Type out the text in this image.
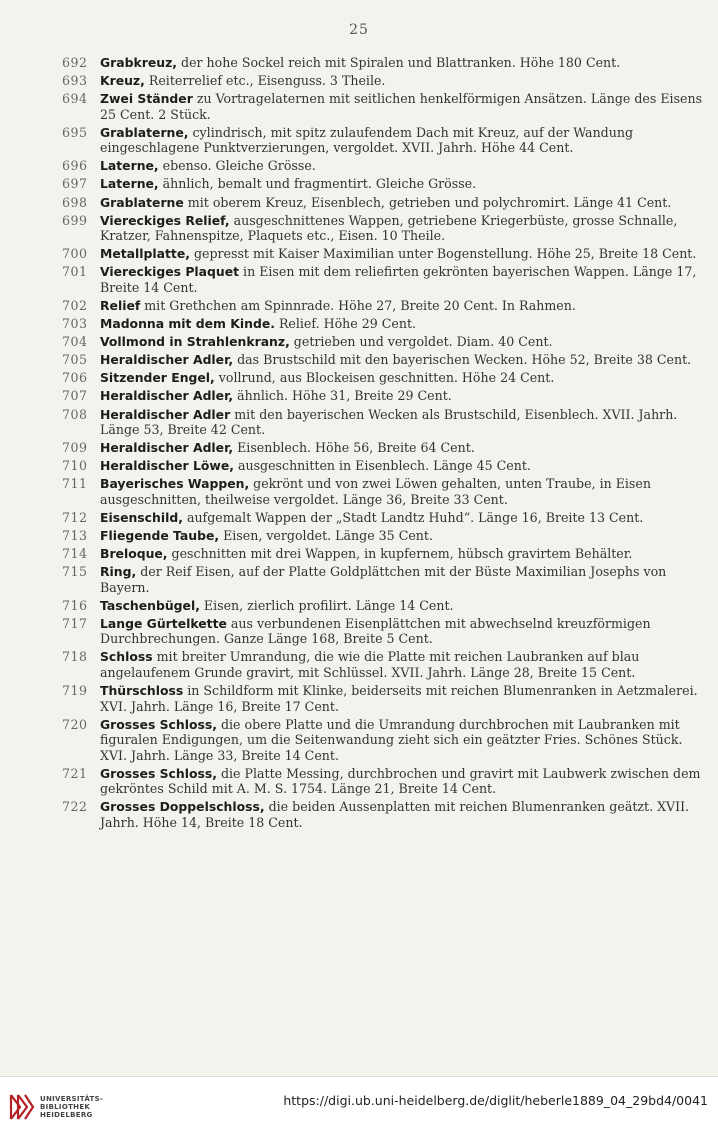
25
692	Grabkreuz, der hohe Sockel reich mit Spiralen und Blattranken. Höhe 180 Cent.
693	Kreuz, Reiterrelief etc., Eisenguss. 3 Theile.
694	Zwei Ständer zu Vortragelaternen mit seitlichen henkelförmigen Ansätzen. Länge des Eisens 25 Cent. 2 Stück.
695	Grablaterne, cylindrisch, mit spitz zulaufendem Dach mit Kreuz, auf der Wandung eingeschlagene Punktverzierungen, vergoldet. XVII. Jahrh. Höhe 44 Cent.
696	Laterne, ebenso. Gleiche Grösse.
697	Laterne, ähnlich, bemalt und fragmentirt. Gleiche Grösse.
698	Grablaterne mit oberem Kreuz, Eisenblech, getrieben und polychromirt. Länge 41 Cent.
699	Viereckiges Relief, ausgeschnittenes Wappen, getriebene Kriegerbüste, grosse Schnalle, Kratzer, Fahnenspitze, Plaquets etc., Eisen. 10 Theile.
700	Metallplatte, gepresst mit Kaiser Maximilian unter Bogenstellung. Höhe 25, Breite 18 Cent.
701	Viereckiges Plaquet in Eisen mit dem reliefirten gekrönten bayerischen Wappen. Länge 17, Breite 14 Cent.
702	Relief mit Grethchen am Spinnrade. Höhe 27, Breite 20 Cent. In Rahmen.
703	Madonna mit dem Kinde. Relief. Höhe 29 Cent.
704	Vollmond in Strahlenkranz, getrieben und vergoldet. Diam. 40 Cent.
705	Heraldischer Adler, das Brustschild mit den bayerischen Wecken. Höhe 52, Breite 38 Cent.
706	Sitzender Engel, vollrund, aus Blockeisen geschnitten. Höhe 24 Cent.
707	Heraldischer Adler, ähnlich. Höhe 31, Breite 29 Cent.
708	Heraldischer Adler mit den bayerischen Wecken als Brustschild, Eisenblech. XVII. Jahrh. Länge 53, Breite 42 Cent.
709	Heraldischer Adler, Eisenblech. Höhe 56, Breite 64 Cent.
710	Heraldischer Löwe, ausgeschnitten in Eisenblech. Länge 45 Cent.
711	Bayerisches Wappen, gekrönt und von zwei Löwen gehalten, unten Traube, in Eisen ausgeschnitten, theilweise vergoldet. Länge 36, Breite 33 Cent.
712	Eisenschild, aufgemalt Wappen der „Stadt Landtz Huhd“. Länge 16, Breite 13 Cent.
713	Fliegende Taube, Eisen, vergoldet. Länge 35 Cent.
714	Breloque, geschnitten mit drei Wappen, in kupfernem, hübsch gravirtem Behälter.
715	Ring, der Reif Eisen, auf der Platte Goldplättchen mit der Büste Maximilian Josephs von Bayern.
716	Taschenbügel, Eisen, zierlich profilirt. Länge 14 Cent.
717	Lange Gürtelkette aus verbundenen Eisenplättchen mit abwechselnd kreuzförmigen Durchbrechungen. Ganze Länge 168, Breite 5 Cent.
718	Schloss mit breiter Umrandung, die wie die Platte mit reichen Laubranken auf blau angelaufenem Grunde gravirt, mit Schlüssel. XVII. Jahrh. Länge 28, Breite 15 Cent.
719	Thürschloss in Schildform mit Klinke, beiderseits mit reichen Blumenranken in Aetzmalerei. XVI. Jahrh. Länge 16, Breite 17 Cent.
720	Grosses Schloss, die obere Platte und die Umrandung durchbrochen mit Laubranken mit figuralen Endigungen, um die Seitenwandung zieht sich ein geätzter Fries. Schönes Stück. XVI. Jahrh. Länge 33, Breite 14 Cent.
721	Grosses Schloss, die Platte Messing, durchbrochen und gravirt mit Laubwerk zwischen dem gekröntes Schild mit A. M. S. 1754. Länge 21, Breite 14 Cent.
722	Grosses Doppelschloss, die beiden Aussenplatten mit reichen Blumenranken geätzt. XVII. Jahrh. Höhe 14, Breite 18 Cent.
UNIVERSITÄTS-
BIBLIOTHEK
HEIDELBERG
https://digi.ub.uni-heidelberg.de/diglit/heberle1889_04_29bd4/0041
